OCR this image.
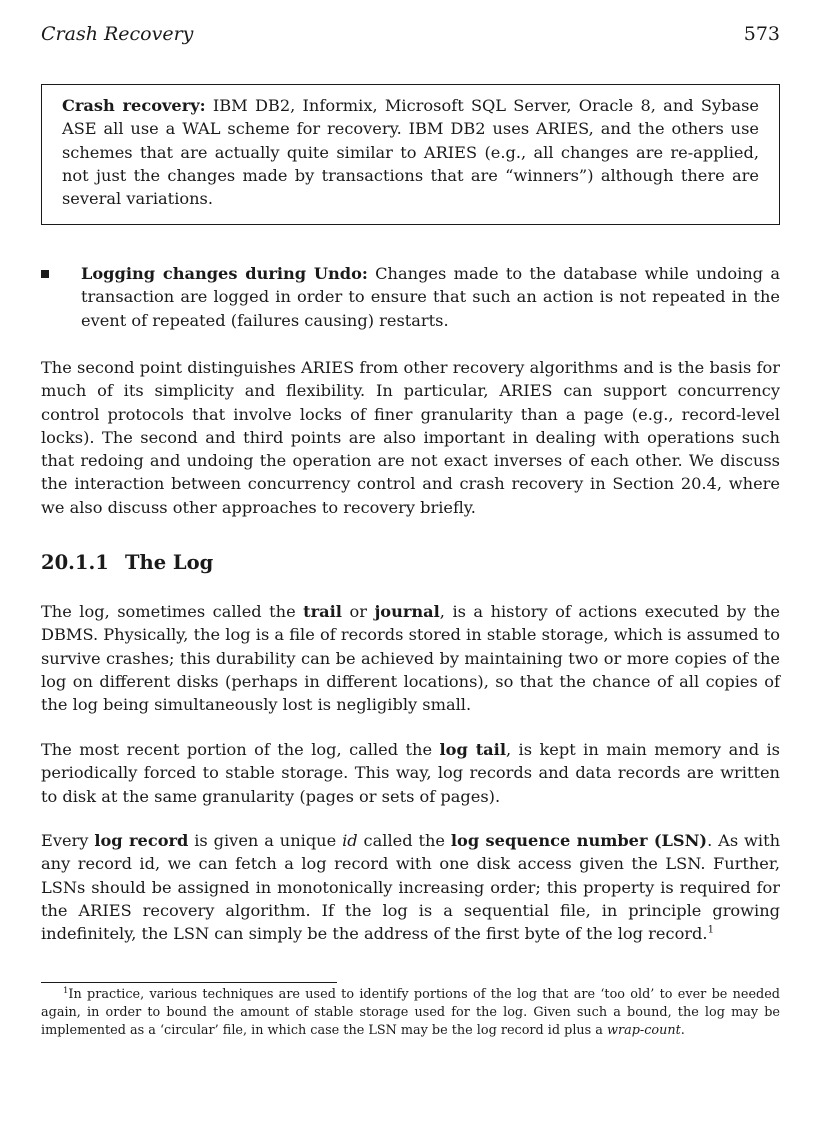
Crash Recovery	573
Crash recovery: IBM DB2, Informix, Microsoft SQL Server, Oracle 8, and Sybase ASE all use a WAL scheme for recovery. IBM DB2 uses ARIES, and the others use schemes that are actually quite similar to ARIES (e.g., all changes are re-applied, not just the changes made by transactions that are “winners”) although there are several variations.
Logging changes during Undo: Changes made to the database while undoing a transaction are logged in order to ensure that such an action is not repeated in the event of repeated (failures causing) restarts.
The second point distinguishes ARIES from other recovery algorithms and is the basis for much of its simplicity and flexibility. In particular, ARIES can support concurrency control protocols that involve locks of finer granularity than a page (e.g., record-level locks). The second and third points are also important in dealing with operations such that redoing and undoing the operation are not exact inverses of each other. We discuss the interaction between concurrency control and crash recovery in Section 20.4, where we also discuss other approaches to recovery briefly.
20.1.1 The Log
The log, sometimes called the trail or journal, is a history of actions executed by the DBMS. Physically, the log is a file of records stored in stable storage, which is assumed to survive crashes; this durability can be achieved by maintaining two or more copies of the log on different disks (perhaps in different locations), so that the chance of all copies of the log being simultaneously lost is negligibly small.
The most recent portion of the log, called the log tail, is kept in main memory and is periodically forced to stable storage. This way, log records and data records are written to disk at the same granularity (pages or sets of pages).
Every log record is given a unique id called the log sequence number (LSN). As with any record id, we can fetch a log record with one disk access given the LSN. Further, LSNs should be assigned in monotonically increasing order; this property is required for the ARIES recovery algorithm. If the log is a sequential file, in principle growing indefinitely, the LSN can simply be the address of the first byte of the log record.$^1$
$^1$In practice, various techniques are used to identify portions of the log that are ‘too old’ to ever be needed again, in order to bound the amount of stable storage used for the log. Given such a bound, the log may be implemented as a ‘circular’ file, in which case the LSN may be the log record id plus a wrap-count.
